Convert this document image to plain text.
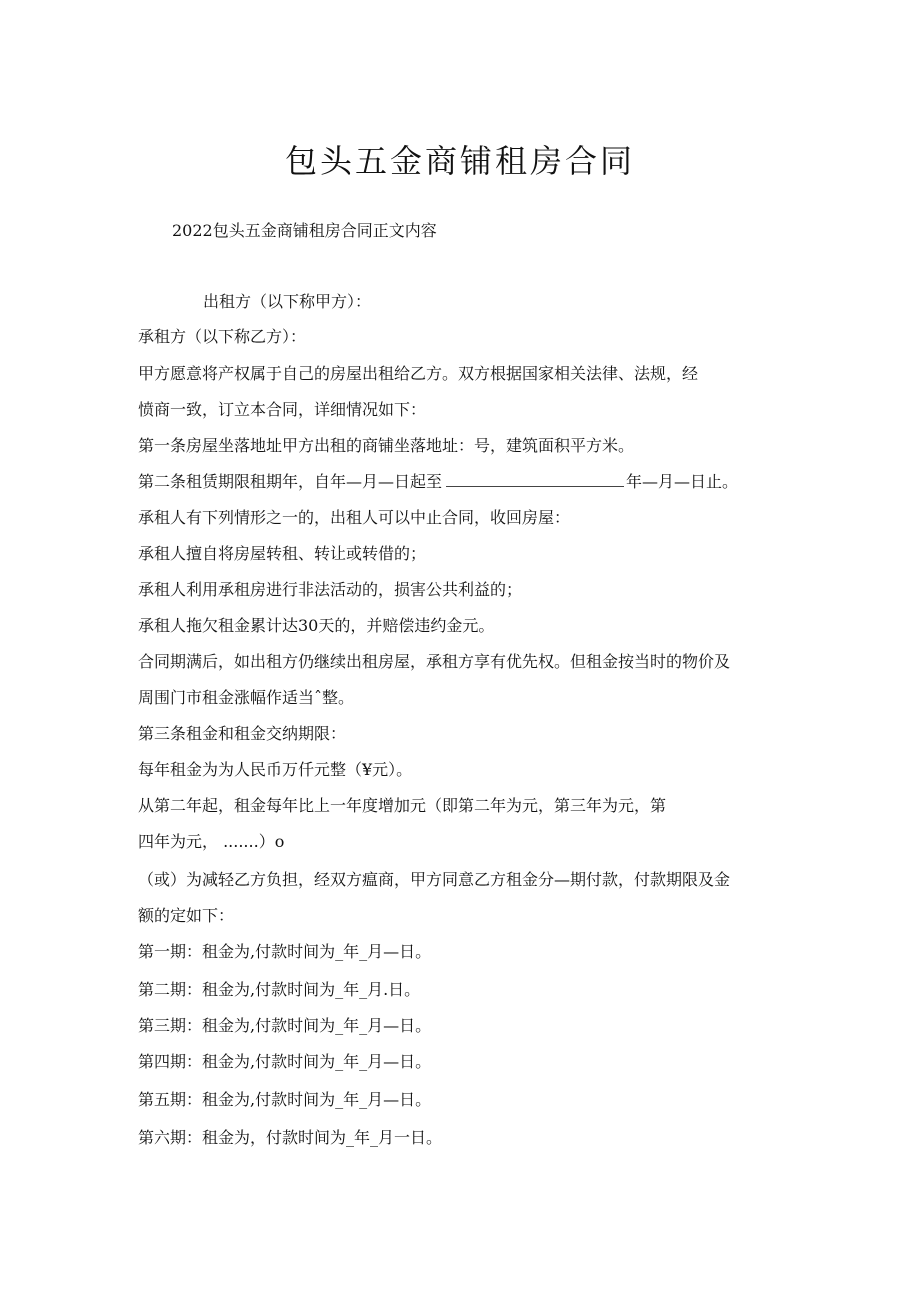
包头五金商铺租房合同

2022包头五金商铺租房合同正文内容

出租方（以下称甲方）：

承租方（以下称乙方）：

甲方愿意将产权属于自己的房屋出租给乙方。双方根据国家相关法律、法规，经

愤商一致，订立本合同，详细情况如下：

第一条房屋坐落地址甲方出租的商铺坐落地址：号，建筑面积平方米。

第二条租赁期限租期年，自年—月—日起至	年—月—日止。

承租人有下列情形之一的，出租人可以中止合同，收回房屋：

承租人擅自将房屋转租、转让或转借的；

承租人利用承租房进行非法活动的，损害公共利益的；

承租人拖欠租金累计达30天的，并赔偿违约金元。

合同期满后，如出租方仍继续出租房屋，承租方享有优先权。但租金按当时的物价及

周围门市租金涨幅作适当ˆ整。

第三条租金和租金交纳期限：

每年租金为为人民币万仟元整（¥元）。

从第二年起，租金每年比上一年度增加元（即第二年为元，第三年为元，第

四年为元， .......）o

（或）为减轻乙方负担，经双方瘟商，甲方同意乙方租金分—期付款，付款期限及金

额的定如下：

第一期：租金为,付款时间为_年_月—日。

第二期：租金为,付款时间为_年_月.日。

第三期：租金为,付款时间为_年_月—日。

第四期：租金为,付款时间为_年_月—日。

第五期：租金为,付款时间为_年_月—日。

第六期：租金为，付款时间为_年_月一日。
